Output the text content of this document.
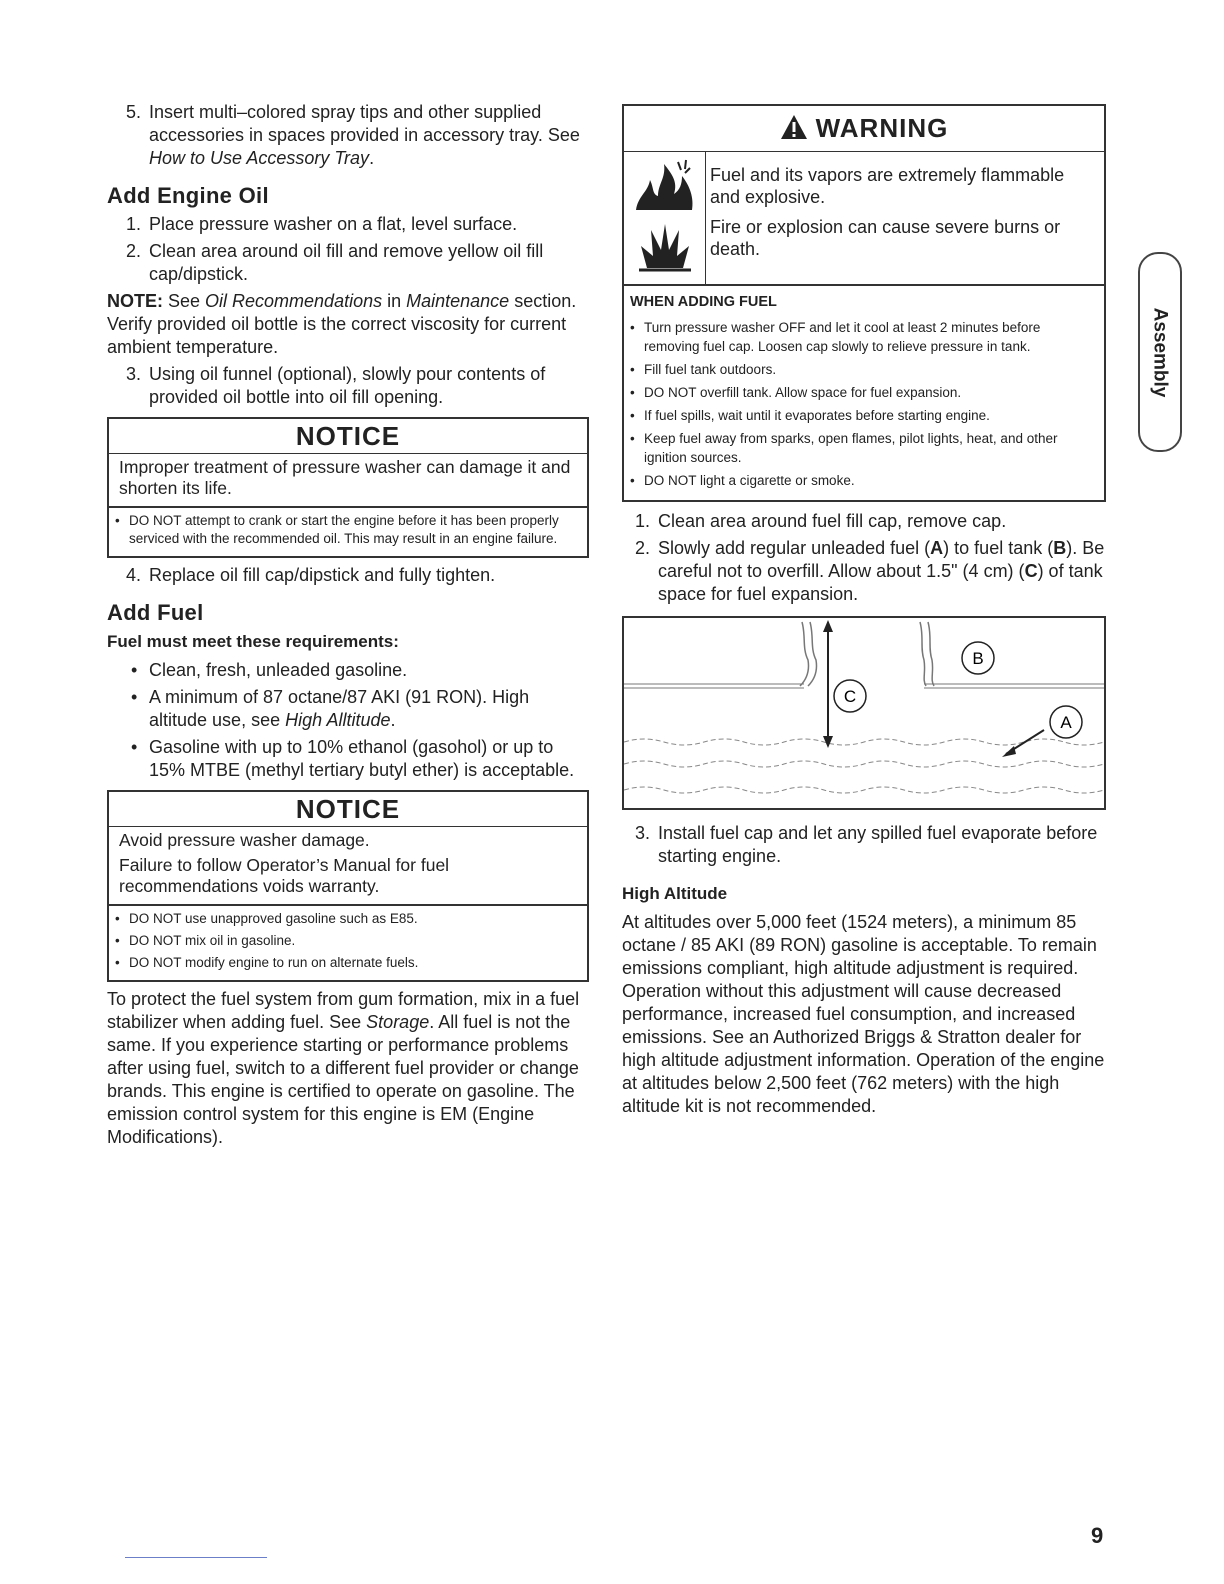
5. Insert multi–colored spray tips and other supplied accessories in spaces provided in accessory tray. See How to Use Accessory Tray.
Add Engine Oil
1. Place pressure washer on a flat, level surface.
2. Clean area around oil fill and remove yellow oil fill cap/dipstick.

NOTE: See Oil Recommendations in Maintenance section. Verify provided oil bottle is the correct viscosity for current ambient temperature.

3. Using oil funnel (optional), slowly pour contents of provided oil bottle into oil fill opening.
NOTICE
Improper treatment of pressure washer can damage it and shorten its life.
• DO NOT attempt to crank or start the engine before it has been properly serviced with the recommended oil. This may result in an engine failure.
4. Replace oil fill cap/dipstick and fully tighten.
Add Fuel
Fuel must meet these requirements:
• Clean, fresh, unleaded gasoline.
• A minimum of 87 octane/87 AKI (91 RON). High altitude use, see High Alltitude.
• Gasoline with up to 10% ethanol (gasohol) or up to 15% MTBE (methyl tertiary butyl ether) is acceptable.
NOTICE
Avoid pressure washer damage.
Failure to follow Operator’s Manual for fuel recommendations voids warranty.
• DO NOT use unapproved gasoline such as E85.
• DO NOT mix oil in gasoline.
• DO NOT modify engine to run on alternate fuels.

To protect the fuel system from gum formation, mix in a fuel stabilizer when adding fuel. See Storage. All fuel is not the same. If you experience starting or performance problems after using fuel, switch to a different fuel provider or change brands. This engine is certified to operate on gasoline. The emission control system for this engine is EM (Engine Modifications).

WARNING
Fuel and its vapors are extremely flammable and explosive.
Fire or explosion can cause severe burns or death.
WHEN ADDING FUEL
• Turn pressure washer OFF and let it cool at least 2 minutes before removing fuel cap. Loosen cap slowly to relieve pressure in tank.
• Fill fuel tank outdoors.
• DO NOT overfill tank. Allow space for fuel expansion.
• If fuel spills, wait until it evaporates before starting engine.
• Keep fuel away from sparks, open flames, pilot lights, heat, and other ignition sources.
• DO NOT light a cigarette or smoke.
1. Clean area around fuel fill cap, remove cap.
2. Slowly add regular unleaded fuel (A) to fuel tank (B). Be careful not to overfill. Allow about 1.5" (4 cm) (C) of tank space for fuel expansion.
C
B
A
3. Install fuel cap and let any spilled fuel evaporate before starting engine.
High Altitude

At altitudes over 5,000 feet (1524 meters), a minimum 85 octane / 85 AKI (89 RON) gasoline is acceptable. To remain emissions compliant, high altitude adjustment is required. Operation without this adjustment will cause decreased performance, increased fuel consumption, and increased emissions. See an Authorized Briggs & Stratton dealer for high altitude adjustment information. Operation of the engine at altitudes below 2,500 feet (762 meters) with the high altitude kit is not recommended.

Assembly
9
